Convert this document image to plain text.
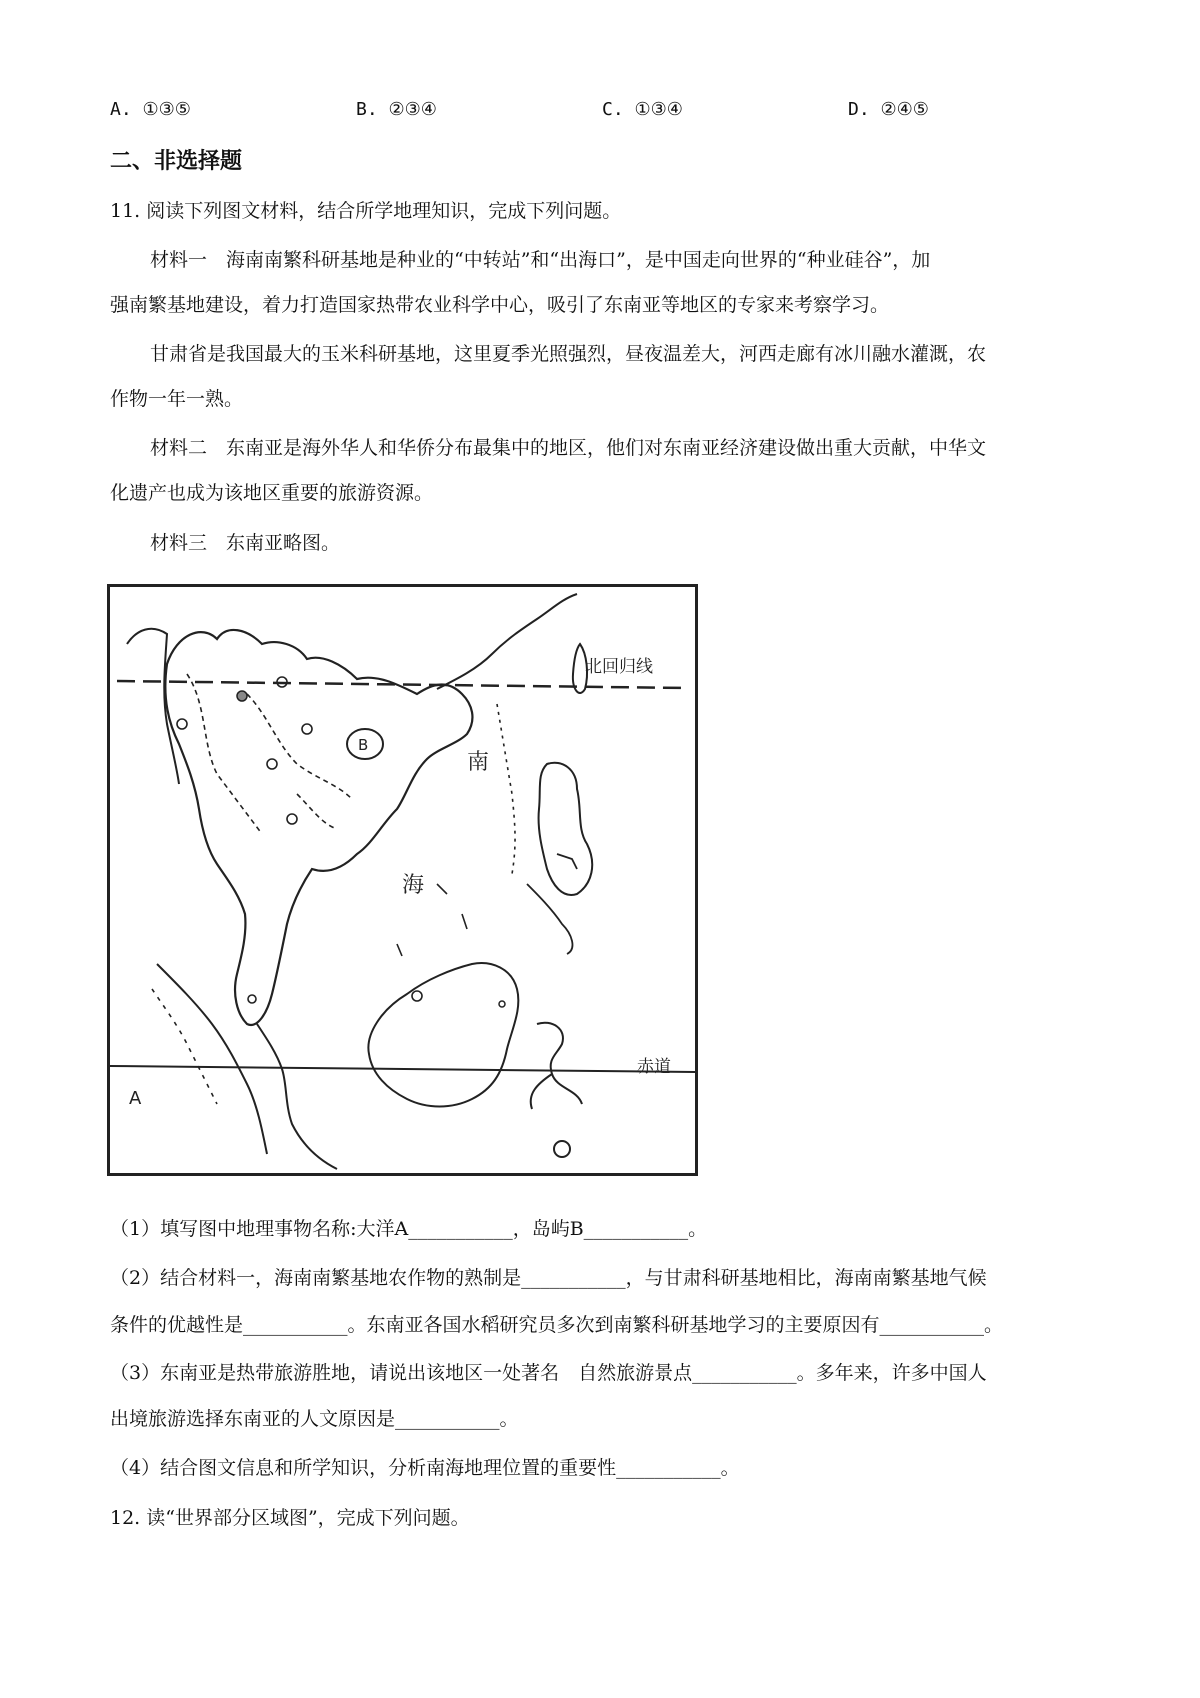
A. ①③⑤	B. ②③④	C. ①③④	D. ②④⑤
二、非选择题
11. 阅读下列图文材料，结合所学地理知识，完成下列问题。
材料一　海南南繁科研基地是种业的“中转站”和“出海口”，是中国走向世界的“种业硅谷”，加
强南繁基地建设，着力打造国家热带农业科学中心，吸引了东南亚等地区的专家来考察学习。
甘肃省是我国最大的玉米科研基地，这里夏季光照强烈，昼夜温差大，河西走廊有冰川融水灌溉，农
作物一年一熟。
材料二　东南亚是海外华人和华侨分布最集中的地区，他们对东南亚经济建设做出重大贡献，中华文
化遗产也成为该地区重要的旅游资源。
材料三　东南亚略图。
北回归线
赤道
南
海
A
B
（1）填写图中地理事物名称:大洋A___________，岛屿B___________。
（2）结合材料一，海南南繁基地农作物的熟制是___________，与甘肃科研基地相比，海南南繁基地气候
条件的优越性是___________。东南亚各国水稻研究员多次到南繁科研基地学习的主要原因有___________。
（3）东南亚是热带旅游胜地，请说出该地区一处著名　自然旅游景点___________。多年来，许多中国人
出境旅游选择东南亚的人文原因是___________。
（4）结合图文信息和所学知识，分析南海地理位置的重要性___________。
12. 读“世界部分区域图”，完成下列问题。
